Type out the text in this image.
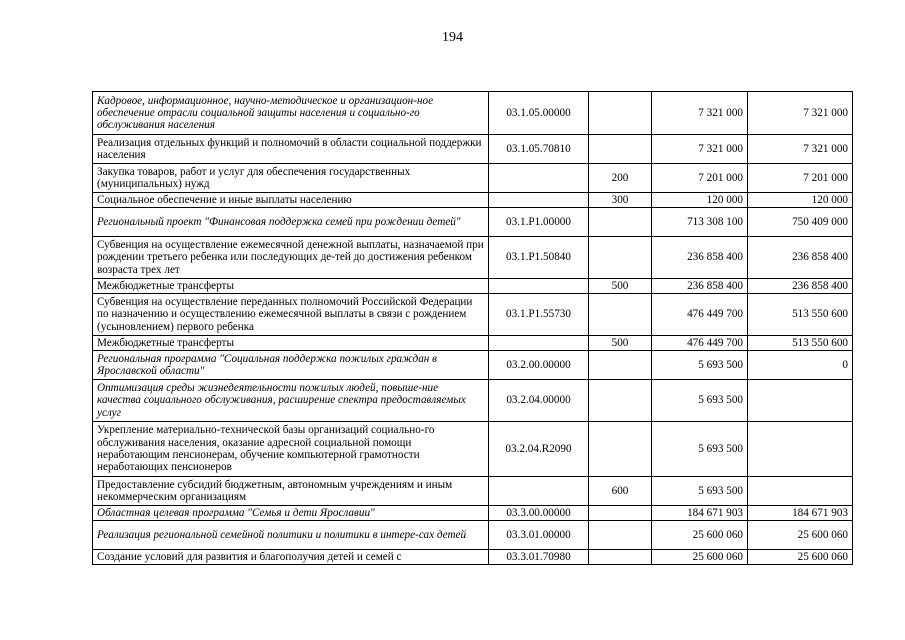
194
Кадровое, информационное, научно-методическое и организацион-ное обеспечение отрасли социальной защиты населения и социально-го обслуживания населения	03.1.05.00000		7 321 000	7 321 000
Реализация отдельных функций и полномочий в области социальной поддержки населения	03.1.05.70810		7 321 000	7 321 000
Закупка товаров, работ и услуг для обеспечения государственных (муниципальных) нужд		200	7 201 000	7 201 000
Социальное обеспечение и иные выплаты населению		300	120 000	120 000
Региональный проект "Финансовая поддержка семей при рождении детей"	03.1.P1.00000		713 308 100	750 409 000
Субвенция на осуществление ежемесячной денежной выплаты, назначаемой при рождении третьего ребенка или последующих де-тей до достижения ребенком возраста трех лет	03.1.P1.50840		236 858 400	236 858 400
Межбюджетные трансферты		500	236 858 400	236 858 400
Субвенция на осуществление переданных полномочий Российской Федерации по назначению и осуществлению ежемесячной выплаты в связи с рождением (усыновлением) первого ребенка	03.1.P1.55730		476 449 700	513 550 600
Межбюджетные трансферты		500	476 449 700	513 550 600
Региональная программа "Социальная поддержка пожилых граждан в Ярославской области"	03.2.00.00000		5 693 500	0
Оптимизация среды жизнедеятельности пожилых людей, повыше-ние качества социального обслуживания, расширение спектра предоставляемых услуг	03.2.04.00000		5 693 500	
Укрепление материально-технической базы организаций социально-го обслуживания населения, оказание адресной социальной помощи неработающим пенсионерам, обучение компьютерной грамотности неработающих пенсионеров	03.2.04.R2090		5 693 500	
Предоставление субсидий бюджетным, автономным учреждениям и иным некоммерческим организациям		600	5 693 500	
Областная целевая программа "Семья и дети Ярославии"	03.3.00.00000		184 671 903	184 671 903
Реализация региональной семейной политики и политики в интере-сах детей	03.3.01.00000		25 600 060	25 600 060
Создание условий для развития и благополучия детей и семей с	03.3.01.70980		25 600 060	25 600 060
